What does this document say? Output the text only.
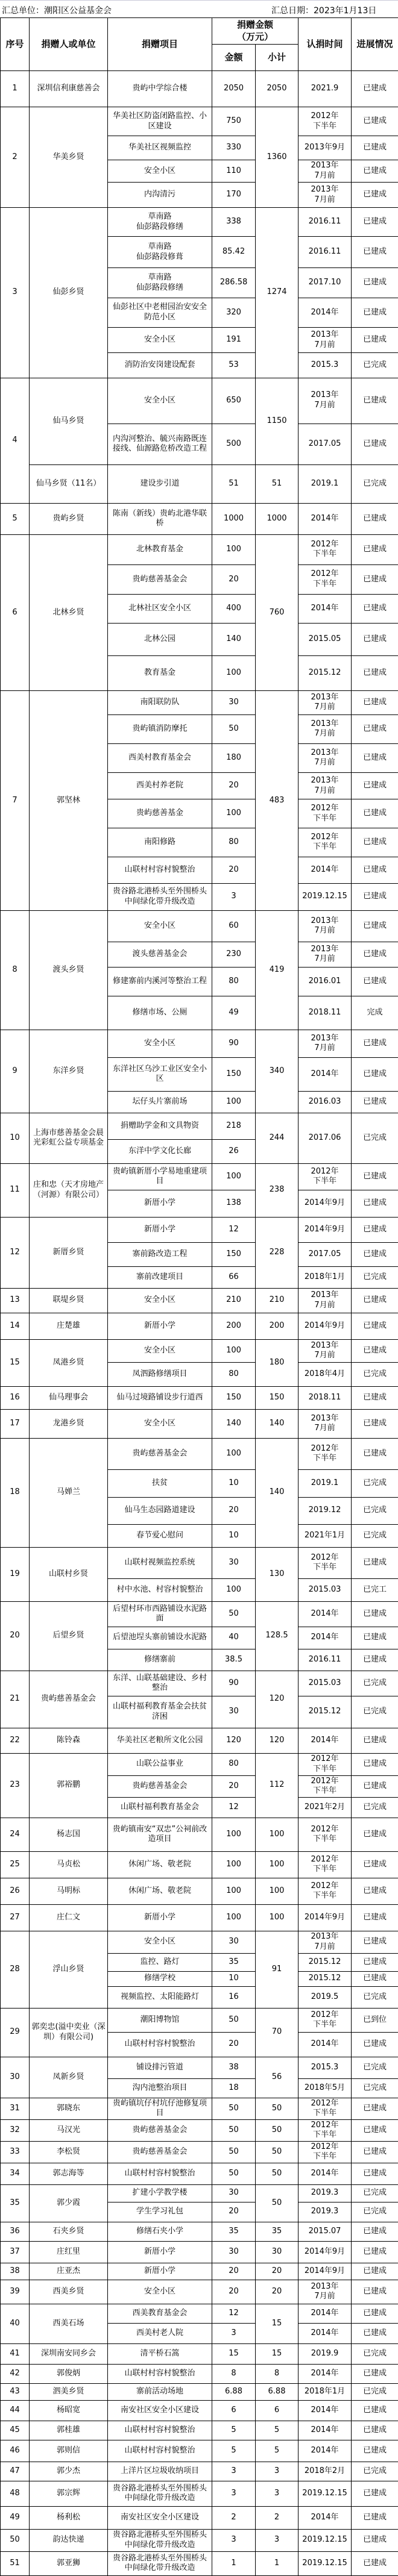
汇总单位：潮阳区公益基金会	汇总日期：2023年1月13日
序号	捐赠人或单位	捐赠项目	捐赠金额
（万元）		认捐时间	进展情况
			金额	小计		
1	深圳信利康慈善会	贵屿中学综合楼	2050	2050	2021.9	已建成
2	华美乡贤	华美社区防盗闭路监控、小区建设	750	1360	2012年
下半年	已建成
		华美社区视频监控	330		2013年9月	已建成
		安全小区	110		2013年
7月前	已建成
		内沟清污	170		2013年
7月前	已建成
3	仙彭乡贤	草南路
仙彭路段修缮	338	1274	2016.11	已建成
		草南路
仙彭路段修葺	85.42		2016.11	已建成
		草南路
仙彭路段修缮	286.58		2017.10	已建成
		仙彭社区中老柑园治安安全防范小区	320		2014年	已建成
		安全小区	191		2013年
7月前	已建成
		消防治安岗建设配套	53		2015.3	已完成
4	仙马乡贤	安全小区	650	1150	2013年
7月前	已建成
		内沟河整治、毓兴南路既连接线、仙源路危桥改造工程	500		2017.05	已建成
	仙马乡贤（11名）	建设步引道	51	51	2019.1	已完成
5	贵屿乡贤	陈南（新线）贵屿北港华联桥	1000	1000	2014年	已建成
6	北林乡贤	北林教育基金	100	760	2012年
下半年	已建成
		贵屿慈善基金会	20		2012年
下半年	已建成
		北林社区安全小区	400		2014年	已建成
		北林公园	140		2015.05	已建成
		教育基金	100		2015.12	已建成
7	郭坚林	南阳联防队	30	483	2013年
7月前	已建成
		贵屿镇消防摩托	50		2013年
7月前	已建成
		西美村教育基金会	180		2013年
7月前	已建成
		西美村养老院	20		2013年
7月前	已建成
		贵屿慈善基金	100		2012年
下半年	已建成
		南阳修路	80		2012年
下半年	已建成
		山联村村容村貌整治	20		2014年	已建成
		贵谷路北港桥头至外围桥头中间绿化带升级改造	3		2019.12.15	已建成
8	渡头乡贤	安全小区	60	419	2013年
7月前	已建成
		渡头慈善基金会	230		2013年
7月前	已建成
		修建寨前内溪河等整治工程	80		2016.01	已建成
		修缮市场、公厕	49		2018.11	完成
9	东洋乡贤	安全小区	90	340	2013年
7月前	已建成
		东洋社区乌沙工业区安全小区	150		2014年	已建成
		坛仔头片寨前场	100		2016.03	已建成
10	上海市慈善基金会晨光彩虹公益专项基金	捐赠助学金和文具物资	218	244	2017.06	已完成
		东洋中学文化长廊	26			
11	庄和忠（天才房地产（河源）有限公司）	贵屿镇新厝小学易地重建项目	100	238	2012年
下半年	已建成
		新厝小学	138		2014年9月	已建成
12	新厝乡贤	新厝小学	12	228	2014年9月	已建成
		寨前路改造工程	150		2017.05	已建成
		寨前改建项目	66		2018年1月	已完成
13	联堤乡贤	安全小区	210	210	2013年
7月前	已建成
14	庄楚雄	新厝小学	200	200	2014年9月	已建成
15	凤港乡贤	安全小区	100	180	2013年
7月前	已建成
		凤泗路修缮项目	80		2018年4月	已完成
16	仙马理事会	仙马过境路铺设步行道西	150	150	2018.11	已建成
17	龙港乡贤	安全小区	140	140	2013年
7月前	已建成
18	马婵兰	贵屿慈善基金会	100	140	2012年
下半年	已建成
		扶贫	10		2019.1	已完成
		仙马生态园路道建设	20		2019.12	已完成
		春节爱心慰问	10		2021年1月	已完成
19	山联村乡贤	山联村视频监控系统	30	130	2012年
下半年	已建成
		村中水池、村容村貌整治	100		2015.03	已完工
20	后望乡贤	后望村环市西路铺设水泥路面	50	128.5	2014年	已建成
		后望池埕头寨前铺设水泥路	40		2014年	已建成
		修缮寨前	38.5		2016.11	已建成
21	贵屿慈善基金会	东洋、山联基础建设、乡村整治	90	120	2015.03	已完成
		山联村福利教育基金会扶贫济困	30		2015.12	已完成
22	陈铃森	华美社区老粮所文化公园	120	120	2014年	已建成
23	郭裕鹏	山联公益事业	80	112	2012年
下半年	已建成
		贵屿慈善基金会	20		2012年
下半年	已建成
		山联村福利教育基金会	12		2021年2月	已完成
24	杨志国	贵屿镇南安“双忠”公祠前改造项目	100	100	2012年
下半年	已建成
25	马贞松	休闲广场、敬老院	100	100	2012年
下半年	已建成
26	马明标	休闲广场、敬老院	100	100	2012年
下半年	已建成
27	庄仁文	新厝小学	100	100	2014年9月	已建成
28	浮山乡贤	安全小区	30	91	2013年
7月前	已建成
		监控、路灯	35		2015.12	已建成
		修缮学校	10		2015.12	已建成
		视频监控、太阳能路灯	16		2019.5	已完成
29	郭奕忠(溢中奕业（深圳）有限公司)	潮阳博物馆	50	70	2012年
下半年	已到位
		山联村村容村貌整治	20		2014年	已建成
30	凤新乡贤	铺设排污管道	38	56	2015.3	已完成
		沟内池整治项目	18		2018年5月	已完成
31	郭晓东	贵屿镇坑仔村坑仔池修复项目	50	50	2012年
下半年	已建成
32	马汉光	贵屿慈善基金会	50	50	2012年
下半年	已建成
33	李松贤	贵屿慈善基金会	50	50	2012年
下半年	已建成
34	郭志海等	山联村村容村貌整治	50	50	2014年	已建成
35	郭少霞	扩建小学教学楼	30	50	2019.3	已完成
		学生学习礼包	20		2019.3	已完成
36	石夹乡贤	修缮石夹小学	35	35	2015.07	已建成
37	庄红里	新厝小学	30	30	2014年9月	已建成
38	庄亚杰	新厝小学	20	20	2014年9月	已建成
39	西美乡贤	安全小区	20	20	2013年
7月前	已建成
40	西美石场	西美教育基金会	12	15	2014年	已建成
		西美村老人院	3		2014年	已建成
41	深圳南安同乡会	清平桥石篙	15	15	2019.9	已完成
42	郭俊炳	山联村村容村貌整治	8	8	2014年	已建成
43	泗美乡贤	寨前活动场地	6.88	6.88	2018年1月	已完成
44	杨昭宽	南安社区安全小区建设	6	6	2014年	已建成
45	郭桂雄	山联村村容村貌整治	5	5	2014年	已建成
46	郭则信	山联村村容村貌整治	5	5	2014年	已建成
47	郭少杰	上洋片区垃圾收纳项目	3	3	2018年2月	已完成
48	郭宗辉	贵谷路北港桥头至外围桥头中间绿化带升级改造	3	3	2019.12.15	已建成
49	杨利松	南安社区安全小区建设	2	2	2014年	已建成
50	韵达快递	贵谷路北港桥头至外围桥头中间绿化带升级改造	3	3	2019.12.15	已建成
51	郭亚狮	贵谷路北港桥头至外围桥头中间绿化带升级改造	1	1	2019.12.15	已建成
